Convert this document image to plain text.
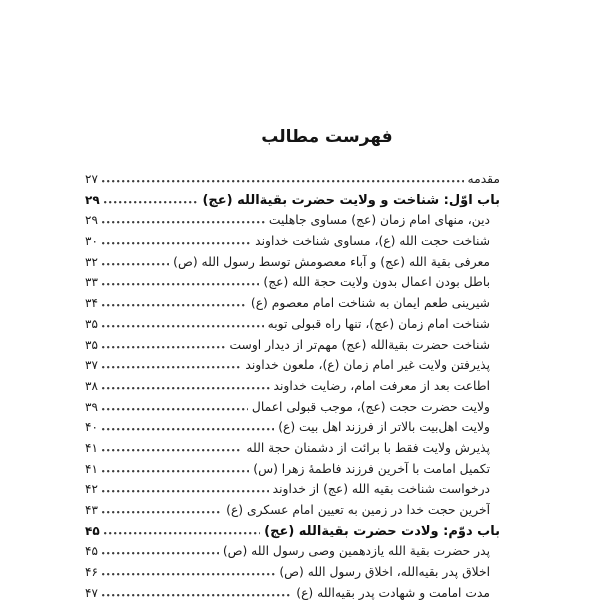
فهرست مطالب
مقدمه
۲۷
باب اوّل: شناخت و ولایت حضرت بقیة‌الله (عج)
۲۹
دین، منهای امام زمان (عج) مساوی جاهلیت
۲۹
شناخت حجت الله (ع)، مساوی شناخت خداوند
۳۰
معرفی بقیة الله (عج) و آباء معصومش توسط رسول الله (ص)
۳۲
باطل بودن اعمال بدون ولایت حجة الله (عج)
۳۳
شیرینی طعم ایمان به شناخت امام معصوم (ع)
۳۴
شناخت امام زمان (عج)، تنها راه قبولی توبه
۳۵
شناخت حضرت بقیة‌الله (عج) مهم‌تر از دیدار اوست
۳۵
پذیرفتن ولایت غیر امام زمان (ع)، ملعون خداوند
۳۷
اطاعت بعد از معرفت امام، رضایت خداوند
۳۸
ولایت حضرت حجت (عج)، موجب قبولی اعمال
۳۹
ولایت اهل‌بیت بالاتر از فرزند اهل بیت (ع)
۴۰
پذیرش ولایت فقط با برائت از دشمنان حجة الله
۴۱
تکمیل امامت با آخرین فرزند فاطمهٔ زهرا (س)
۴۱
درخواست شناخت بقیه الله (عج) از خداوند
۴۲
آخرین حجت خدا در زمین به تعیین امام عسکری (ع)
۴۳
باب دوّم: ولادت حضرت بقیة‌الله (عج)
۴۵
پدر حضرت بقیة الله یازدهمین وصی رسول الله (ص)
۴۵
اخلاق پدر بقیه‌الله، اخلاق رسول الله (ص)
۴۶
مدت امامت و شهادت پدر بقیه‌الله (ع)
۴۷
